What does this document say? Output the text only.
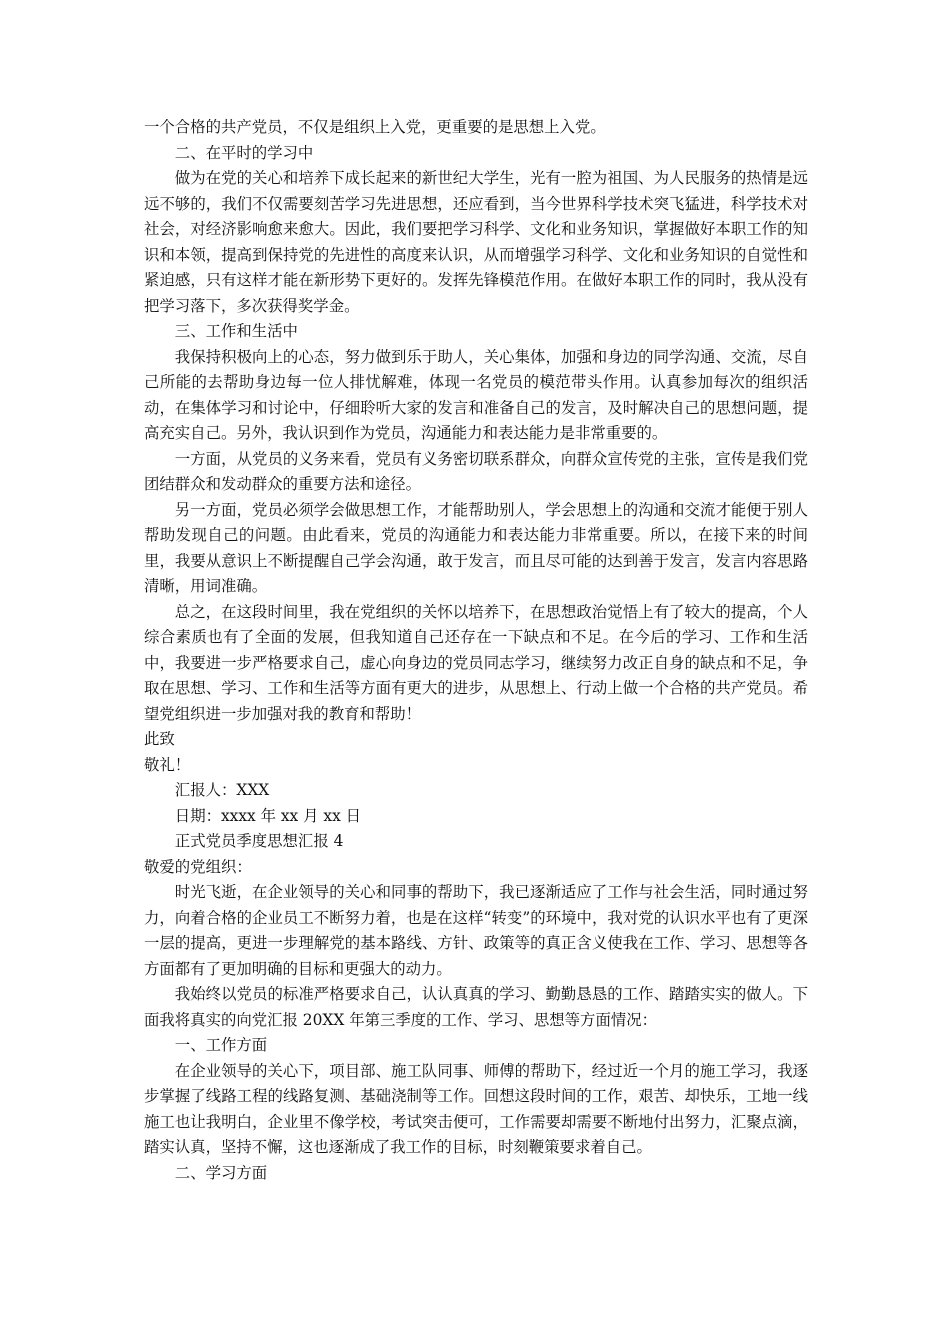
一个合格的共产党员，不仅是组织上入党，更重要的是思想上入党。

二、在平时的学习中

做为在党的关心和培养下成长起来的新世纪大学生，光有一腔为祖国、为人民服务的热情是远远不够的，我们不仅需要刻苦学习先进思想，还应看到，当今世界科学技术突飞猛进，科学技术对社会，对经济影响愈来愈大。因此，我们要把学习科学、文化和业务知识，掌握做好本职工作的知识和本领，提高到保持党的先进性的高度来认识，从而增强学习科学、文化和业务知识的自觉性和紧迫感，只有这样才能在新形势下更好的。发挥先锋模范作用。在做好本职工作的同时，我从没有把学习落下，多次获得奖学金。

三、工作和生活中

我保持积极向上的心态，努力做到乐于助人，关心集体，加强和身边的同学沟通、交流，尽自己所能的去帮助身边每一位人排忧解难，体现一名党员的模范带头作用。认真参加每次的组织活动，在集体学习和讨论中，仔细聆听大家的发言和准备自己的发言，及时解决自己的思想问题，提高充实自己。另外，我认识到作为党员，沟通能力和表达能力是非常重要的。

一方面，从党员的义务来看，党员有义务密切联系群众，向群众宣传党的主张，宣传是我们党团结群众和发动群众的重要方法和途径。

另一方面，党员必须学会做思想工作，才能帮助别人，学会思想上的沟通和交流才能便于别人帮助发现自己的问题。由此看来，党员的沟通能力和表达能力非常重要。所以，在接下来的时间里，我要从意识上不断提醒自己学会沟通，敢于发言，而且尽可能的达到善于发言，发言内容思路清晰，用词准确。

总之，在这段时间里，我在党组织的关怀以培养下，在思想政治觉悟上有了较大的提高，个人综合素质也有了全面的发展，但我知道自己还存在一下缺点和不足。在今后的学习、工作和生活中，我要进一步严格要求自己，虚心向身边的党员同志学习，继续努力改正自身的缺点和不足，争取在思想、学习、工作和生活等方面有更大的进步，从思想上、行动上做一个合格的共产党员。希望党组织进一步加强对我的教育和帮助！

此致

敬礼！

汇报人：XXX

日期：xxxx 年 xx 月 xx 日

正式党员季度思想汇报 4

敬爱的党组织：

时光飞逝，在企业领导的关心和同事的帮助下，我已逐渐适应了工作与社会生活，同时通过努力，向着合格的企业员工不断努力着，也是在这样“转变”的环境中，我对党的认识水平也有了更深一层的提高，更进一步理解党的基本路线、方针、政策等的真正含义使我在工作、学习、思想等各方面都有了更加明确的目标和更强大的动力。

我始终以党员的标准严格要求自己，认认真真的学习、勤勤恳恳的工作、踏踏实实的做人。下面我将真实的向党汇报 20XX 年第三季度的工作、学习、思想等方面情况：

一、工作方面

在企业领导的关心下，项目部、施工队同事、师傅的帮助下，经过近一个月的施工学习，我逐步掌握了线路工程的线路复测、基础浇制等工作。回想这段时间的工作，艰苦、却快乐，工地一线施工也让我明白，企业里不像学校，考试突击便可，工作需要却需要不断地付出努力，汇聚点滴，踏实认真，坚持不懈，这也逐渐成了我工作的目标，时刻鞭策要求着自己。

二、学习方面
